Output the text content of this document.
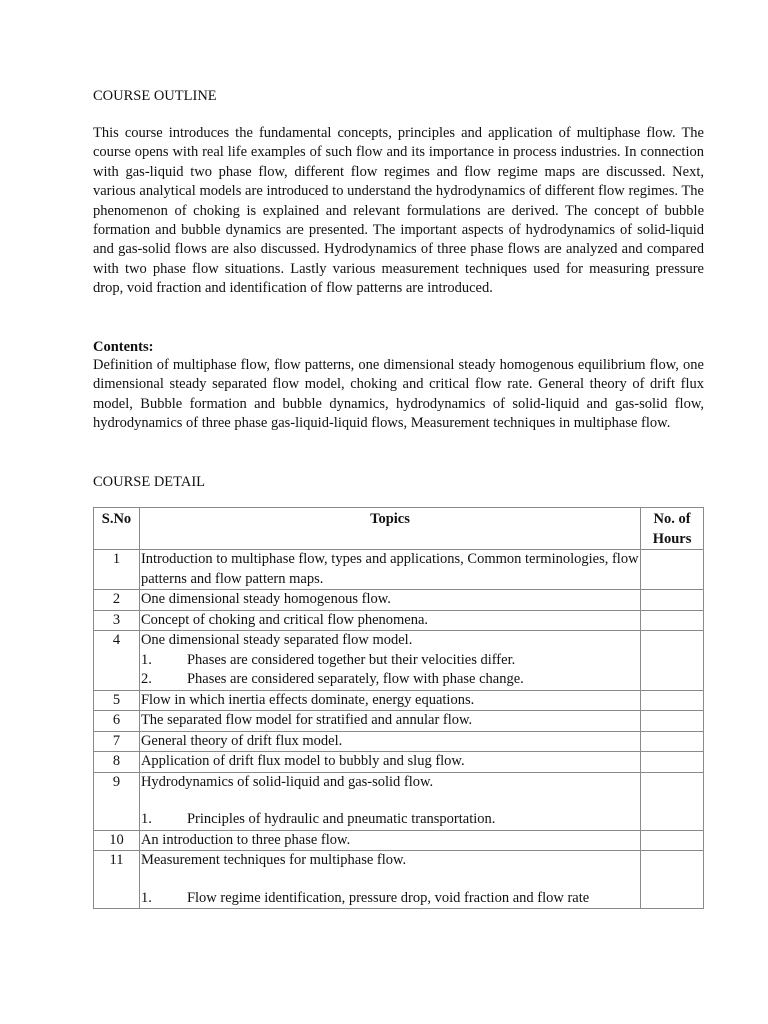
COURSE OUTLINE

This course introduces the fundamental concepts, principles and application of multiphase flow. The course opens with real life examples of such flow and its importance in process industries. In connection with gas-liquid two phase flow, different flow regimes and flow regime maps are discussed. Next, various analytical models are introduced to understand the hydrodynamics of different flow regimes. The phenomenon of choking is explained and relevant formulations are derived. The concept of bubble formation and bubble dynamics are presented. The important aspects of hydrodynamics of solid-liquid and gas-solid flows are also discussed. Hydrodynamics of three phase flows are analyzed and compared with two phase flow situations. Lastly various measurement techniques used for measuring pressure drop, void fraction and identification of flow patterns are introduced.

Contents:

Definition of multiphase flow, flow patterns, one dimensional steady homogenous equilibrium flow, one dimensional steady separated flow model, choking and critical flow rate. General theory of drift flux model, Bubble formation and bubble dynamics, hydrodynamics of solid-liquid and gas-solid flow, hydrodynamics of three phase gas-liquid-liquid flows, Measurement techniques in multiphase flow.

COURSE DETAIL
S.No	Topics	No. of
Hours
1	Introduction to multiphase flow, types and applications, Common terminologies, flow patterns and flow pattern maps.	
2	One dimensional steady homogenous flow.	
3	Concept of choking and critical flow phenomena.	
4	One dimensional steady separated flow model.
1. Phases are considered together but their velocities differ.
2. Phases are considered separately, flow with phase change.	

5	Flow in which inertia effects dominate, energy equations.	
6	The separated flow model for stratified and annular flow.	
7	General theory of drift flux model.	
8	Application of drift flux model to bubbly and slug flow.	
9	Hydrodynamics of solid-liquid and gas-solid flow.
1. Principles of hydraulic and pneumatic transportation.	

10	An introduction to three phase flow.	
11	Measurement techniques for multiphase flow.
1. Flow regime identification, pressure drop, void fraction and flow rate	
